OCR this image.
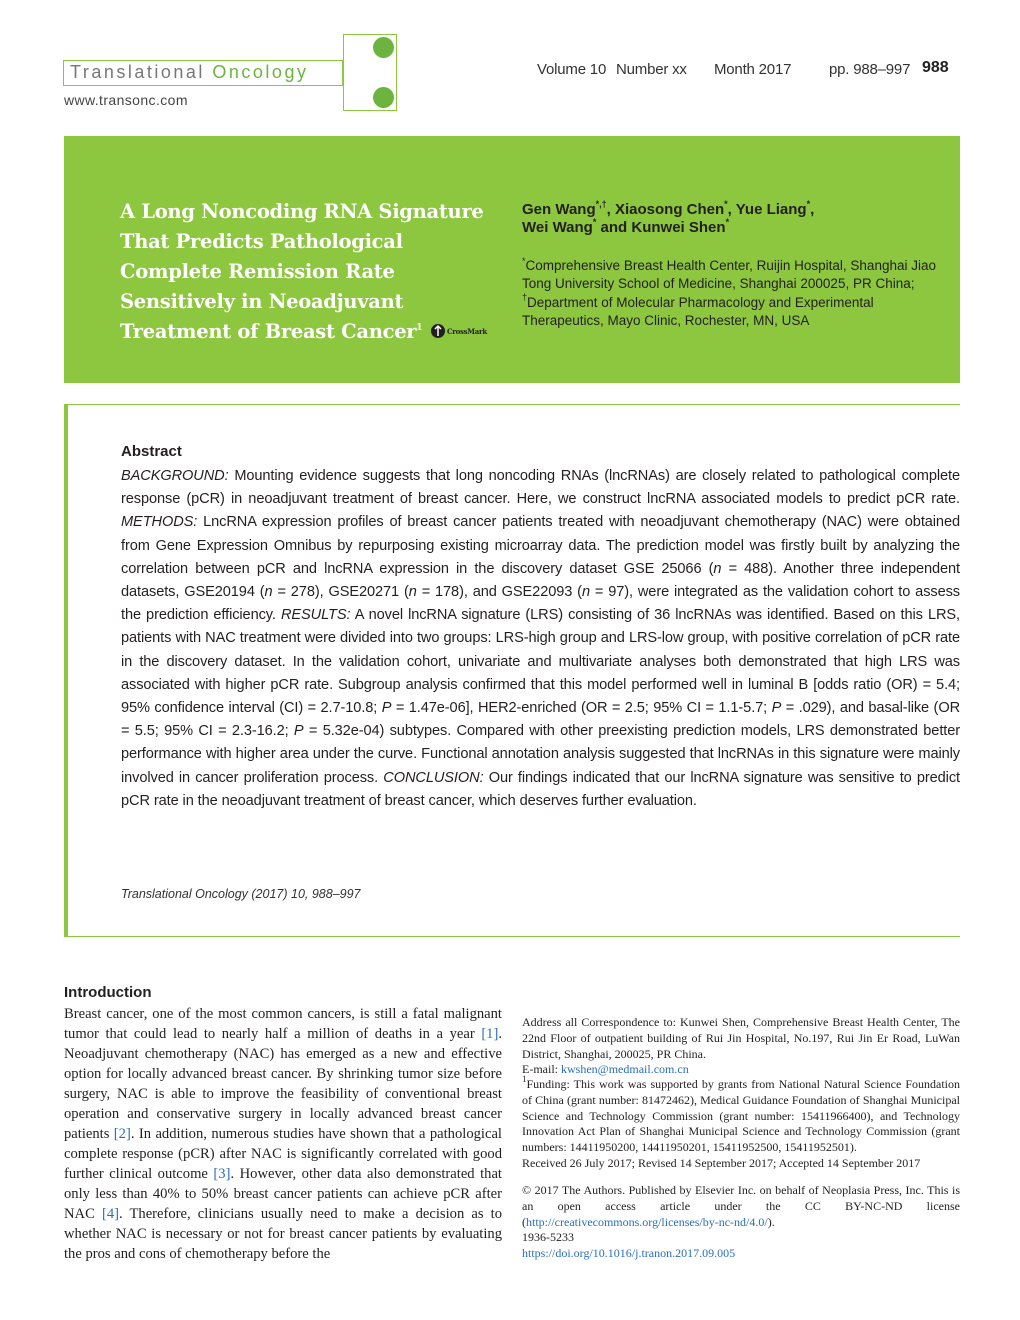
Translational Oncology
www.transonc.com
Volume 10 Number xx Month 2017	pp. 988–997 988
A Long Noncoding RNA Signature That Predicts Pathological Complete Remission Rate Sensitively in Neoadjuvant Treatment of Breast Cancer$^1$	CrossMark
Gen Wang*,†, Xiaosong Chen*, Yue Liang*,
Wei Wang* and Kunwei Shen*
*Comprehensive Breast Health Center, Ruijin Hospital, Shanghai Jiao Tong University School of Medicine, Shanghai 200025, PR China; †Department of Molecular Pharmacology and Experimental Therapeutics, Mayo Clinic, Rochester, MN, USA
Abstract
BACKGROUND: Mounting evidence suggests that long noncoding RNAs (lncRNAs) are closely related to pathological complete response (pCR) in neoadjuvant treatment of breast cancer. Here, we construct lncRNA associated models to predict pCR rate. METHODS: LncRNA expression profiles of breast cancer patients treated with neoadjuvant chemotherapy (NAC) were obtained from Gene Expression Omnibus by repurposing existing microarray data. The prediction model was firstly built by analyzing the correlation between pCR and lncRNA expression in the discovery dataset GSE 25066 (n = 488). Another three independent datasets, GSE20194 (n = 278), GSE20271 (n = 178), and GSE22093 (n = 97), were integrated as the validation cohort to assess the prediction efficiency. RESULTS: A novel lncRNA signature (LRS) consisting of 36 lncRNAs was identified. Based on this LRS, patients with NAC treatment were divided into two groups: LRS-high group and LRS-low group, with positive correlation of pCR rate in the discovery dataset. In the validation cohort, univariate and multivariate analyses both demonstrated that high LRS was associated with higher pCR rate. Subgroup analysis confirmed that this model performed well in luminal B [odds ratio (OR) = 5.4; 95% confidence interval (CI) = 2.7-10.8; P = 1.47e-06], HER2-enriched (OR = 2.5; 95% CI = 1.1-5.7; P = .029), and basal-like (OR = 5.5; 95% CI = 2.3-16.2; P = 5.32e-04) subtypes. Compared with other preexisting prediction models, LRS demonstrated better performance with higher area under the curve. Functional annotation analysis suggested that lncRNAs in this signature were mainly involved in cancer proliferation process. CONCLUSION: Our findings indicated that our lncRNA signature was sensitive to predict pCR rate in the neoadjuvant treatment of breast cancer, which deserves further evaluation.
Translational Oncology (2017) 10, 988–997
Introduction
Breast cancer, one of the most common cancers, is still a fatal malignant tumor that could lead to nearly half a million of deaths in a year [1]. Neoadjuvant chemotherapy (NAC) has emerged as a new and effective option for locally advanced breast cancer. By shrinking tumor size before surgery, NAC is able to improve the feasibility of conventional breast operation and conservative surgery in locally advanced breast cancer patients [2]. In addition, numerous studies have shown that a pathological complete response (pCR) after NAC is significantly correlated with good further clinical outcome [3]. However, other data also demonstrated that only less than 40% to 50% breast cancer patients can achieve pCR after NAC [4]. Therefore, clinicians usually need to make a decision as to whether NAC is necessary or not for breast cancer patients by evaluating the pros and cons of chemotherapy before the
Address all Correspondence to: Kunwei Shen, Comprehensive Breast Health Center, The 22nd Floor of outpatient building of Rui Jin Hospital, No.197, Rui Jin Er Road, LuWan District, Shanghai, 200025, PR China.
E-mail: kwshen@medmail.com.cn
$^1$Funding: This work was supported by grants from National Natural Science Foundation of China (grant number: 81472462), Medical Guidance Foundation of Shanghai Municipal Science and Technology Commission (grant number: 15411966400), and Technology Innovation Act Plan of Shanghai Municipal Science and Technology Commission (grant numbers: 14411950200, 14411950201, 15411952500, 15411952501).
Received 26 July 2017; Revised 14 September 2017; Accepted 14 September 2017
© 2017 The Authors. Published by Elsevier Inc. on behalf of Neoplasia Press, Inc. This is an open access article under the CC BY-NC-ND license (http://creativecommons.org/licenses/by-nc-nd/4.0/).
1936-5233
https://doi.org/10.1016/j.tranon.2017.09.005
